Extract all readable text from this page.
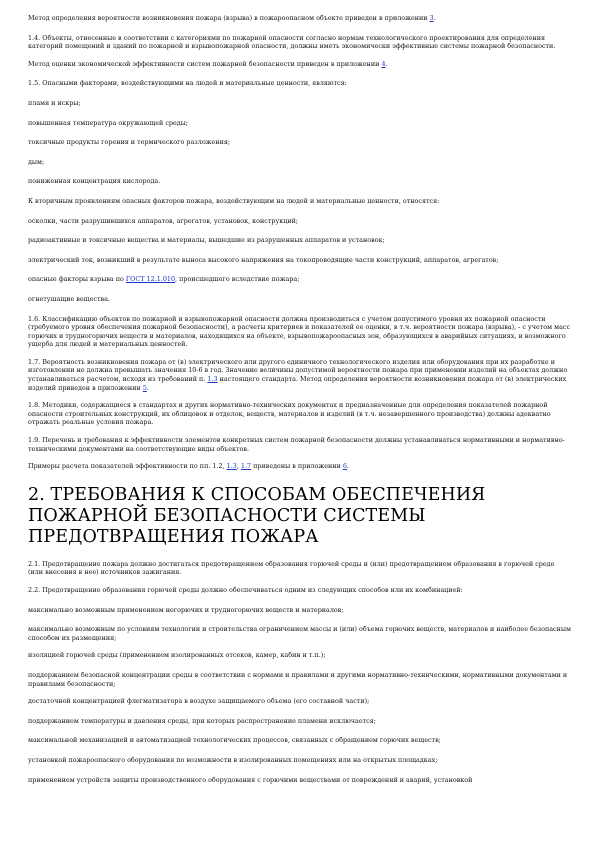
Метод определения вероятности возникновения пожара (взрыва) в пожароопасном объекте приведен в приложении 3.

1.4. Объекты, отнесенные в соответствии с категориями по пожарной опасности согласно нормам технологического проектирования для определения категорий помещений и зданий по пожарной и взрывопожарной опасности, должны иметь экономически эффективные системы пожарной безопасности.

Метод оценки экономической эффективности систем пожарной безопасности приведен в приложении 4.

1.5. Опасными факторами, воздействующими на людей и материальные ценности, являются:

пламя и искры;

повышенная температура окружающей среды;

токсичные продукты горения и термического разложения;

дым;

пониженная концентрация кислорода.

К вторичным проявлениям опасных факторов пожара, воздействующим на людей и материальные ценности, относятся:

осколки, части разрушившихся аппаратов, агрегатов, установок, конструкций;

радиоактивные и токсичные вещества и материалы, вышедшие из разрушенных аппаратов и установок;

электрический ток, возникший в результате выноса высокого напряжения на токопроводящие части конструкций, аппаратов, агрегатов;

опасные факторы взрыва по ГОСТ 12.1.010, происшедшего вследствие пожара;

огнетушащие вещества.

1.6. Классификацию объектов по пожарной и взрывопожарной опасности должна производиться с учетом допустимого уровня их пожарной опасности (требуемого уровня обеспечения пожарной безопасности), а расчеты критериев и показателей ее оценки, в т.ч. вероятности пожара (взрыва), - с учетом масс горючих и трудногорючих веществ и материалов, находящихся на объекте, взрывопожароопасных зон, образующихся в аварийных ситуациях, и возможного ущерба для людей и материальных ценностей.

1.7. Вероятность возникновения пожара от (в) электрического или другого единичного технологического изделия или оборудования при их разработке и изготовлении не должна превышать значения 10-6 в год. Значение величины допустимой вероятности пожара при применении изделий на объектах должно устанавливаться расчетом, исходя из требований п. 1.3 настоящего стандарта. Метод определения вероятности возникновения пожара от (в) электрических изделий приведен в приложении 5.

1.8. Методики, содержащиеся в стандартах и других нормативно-технических документах и предназначенные для определения показателей пожарной опасности строительных конструкций, их облицовок и отделок, веществ, материалов и изделий (в т.ч. незавершенного производства) должны адекватно отражать реальные условия пожара.

1.9. Перечень и требования к эффективности элементов конкретных систем пожарной безопасности должны устанавливаться нормативными и нормативно-техническими документами на соответствующие виды объектов.

Примеры расчета показателей эффективности по пп. 1.2, 1.3, 1.7 приведены в приложении 6.

2. ТРЕБОВАНИЯ К СПОСОБАМ ОБЕСПЕЧЕНИЯ ПОЖАРНОЙ БЕЗОПАСНОСТИ СИСТЕМЫ ПРЕДОТВРАЩЕНИЯ ПОЖАРА

2.1. Предотвращение пожара должно достигаться предотвращением образования горючей среды и (или) предотвращением образования в горючей среде (или внесения в нее) источников зажигания.

2.2. Предотвращение образования горючей среды должно обеспечиваться одним из следующих способов или их комбинацией:

максимально возможным применением негорючих и трудногорючих веществ и материалов;

максимально возможным по условиям технологии и строительства ограничением массы и (или) объема горючих веществ, материалов и наиболее безопасным способом их размещения;

изоляцией горючей среды (применением изолированных отсеков, камер, кабин и т.п.);

поддержанием безопасной концентрации среды в соответствии с нормами и правилами и другими нормативно-техническими, нормативными документами и правилами безопасности;

достаточной концентрацией флегматизатора в воздухе защищаемого объема (его составной части);

поддержанием температуры и давления среды, при которых распространение пламени исключается;

максимальной механизацией и автоматизацией технологических процессов, связанных с обращением горючих веществ;

установкой пожароопасного оборудования по возможности в изолированных помещениях или на открытых площадках;

применением устройств защиты производственного оборудования с горючими веществами от повреждений и аварий, установкой
